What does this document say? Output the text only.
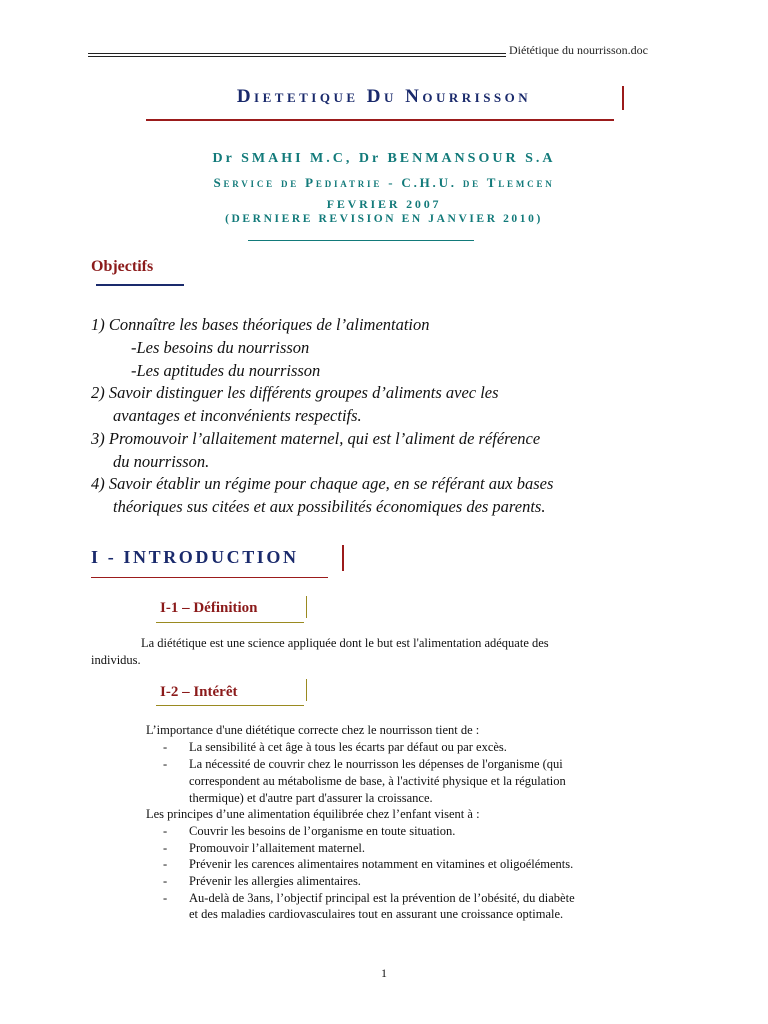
Diététique du nourrisson.doc
Dietetique Du Nourrisson
Dr SMAHI M.C, Dr BENMANSOUR S.A
Service de Pediatrie - C.H.U. de Tlemcen
FEVRIER 2007
(DERNIERE REVISION EN JANVIER 2010)
Objectifs
1) Connaître les bases théoriques de l’alimentation
-Les besoins du nourrisson
-Les aptitudes du nourrisson
2) Savoir distinguer les différents groupes d’aliments avec les
avantages et inconvénients respectifs.
3) Promouvoir l’allaitement maternel, qui est l’aliment de référence
du nourrisson.
4) Savoir établir un régime pour chaque age, en se référant aux bases
théoriques sus citées et aux possibilités économiques des parents.
I - INTRODUCTION
I-1 – Définition
La diététique est une science appliquée dont le but est l'alimentation adéquate des
individus.
I-2 – Intérêt
L’importance d'une diététique correcte chez le nourrisson tient de :
- La sensibilité à cet âge à tous les écarts par défaut ou par excès.
- La nécessité de couvrir chez le nourrisson les dépenses de l'organisme (qui
correspondent au métabolisme de base, à l'activité physique et la régulation
thermique) et d'autre part d'assurer la croissance.
Les principes d’une alimentation équilibrée chez l’enfant visent à :
- Couvrir les besoins de l’organisme en toute situation.
- Promouvoir l’allaitement maternel.
- Prévenir les carences alimentaires notamment en vitamines et oligoéléments.
- Prévenir les allergies alimentaires.
- Au-delà de 3ans, l’objectif principal est la prévention de l’obésité, du diabète
et des maladies cardiovasculaires tout en assurant une croissance optimale.
1
